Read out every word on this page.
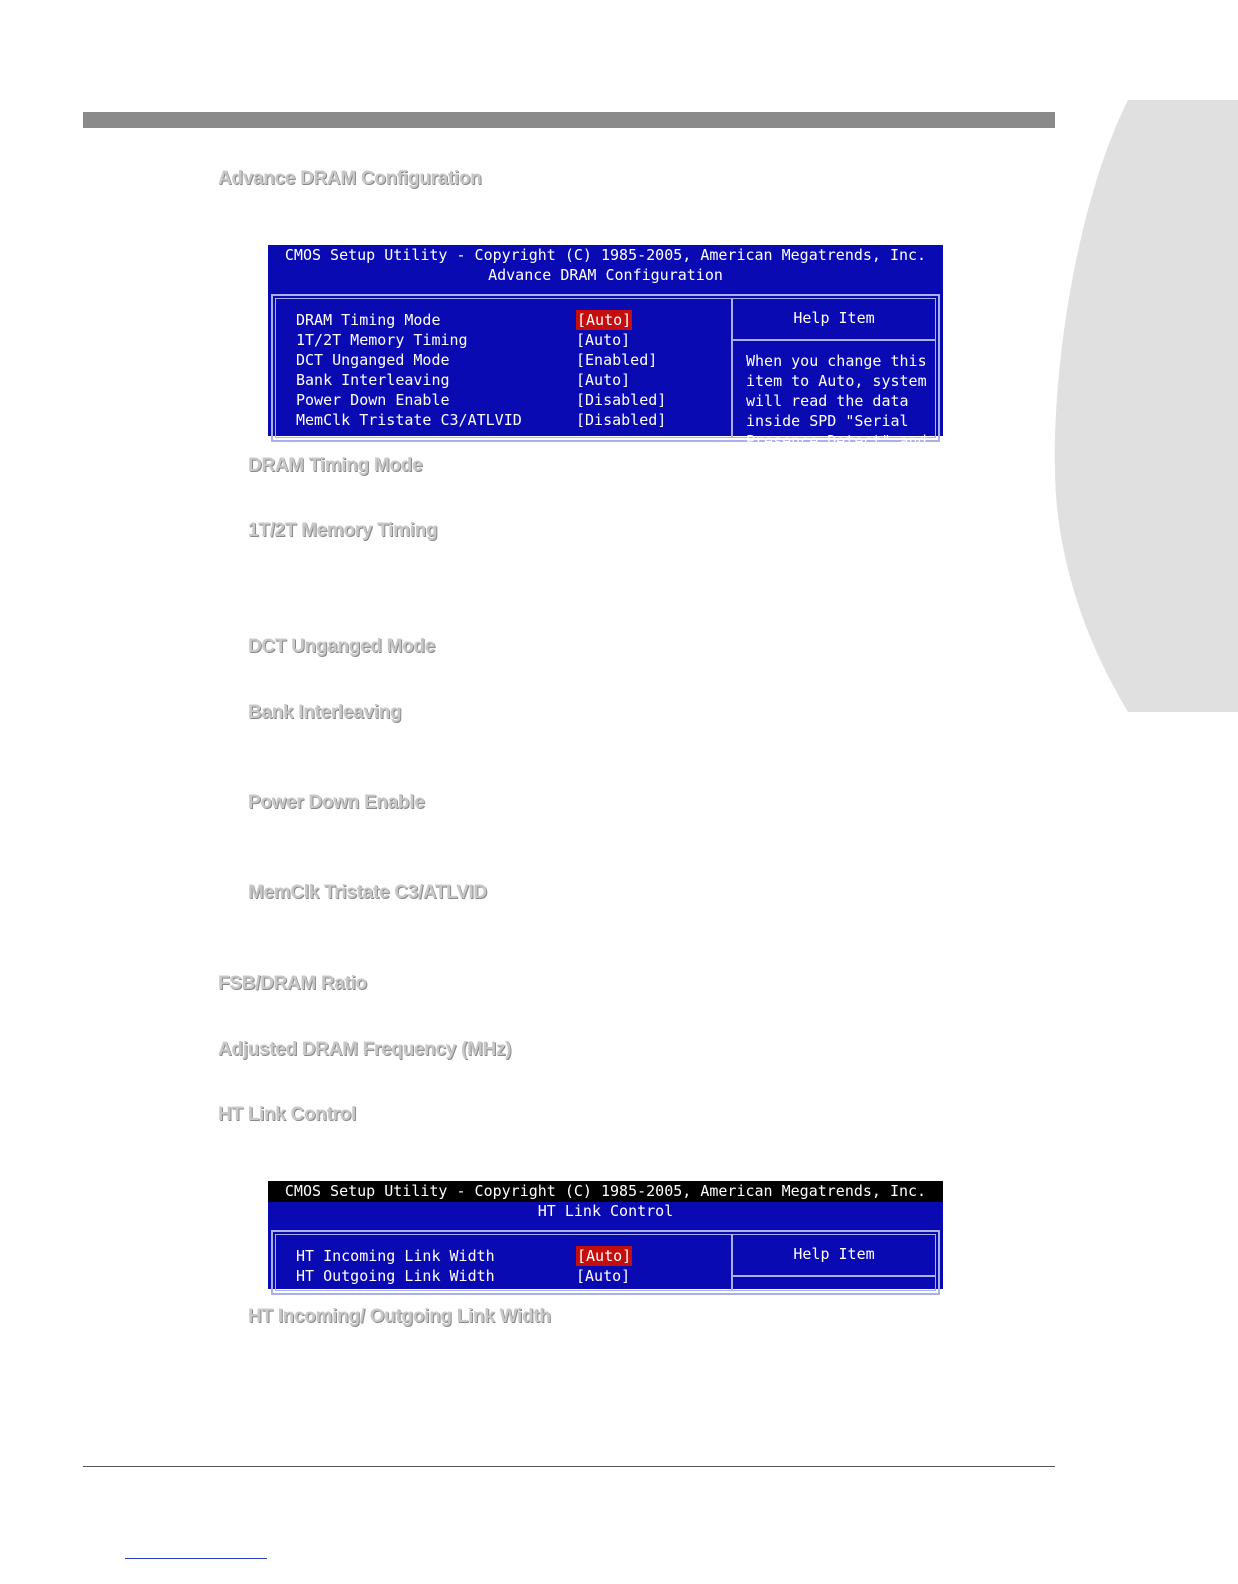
Advance DRAM Configuration
CMOS Setup Utility - Copyright (C) 1985-2005, American Megatrends, Inc.
Advance DRAM Configuration
Help Item
When you change this
item to Auto, system
will read the data
inside SPD "Serial
Presence Detect" and
DRAM Timing Mode	[Auto]
1T/2T Memory Timing	[Auto]
DCT Unganged Mode	[Enabled]
Bank Interleaving	[Auto]
Power Down Enable	[Disabled]
MemClk Tristate C3/ATLVID	[Disabled]
DRAM Timing Mode
1T/2T Memory Timing
DCT Unganged Mode
Bank Interleaving
Power Down Enable
MemClk Tristate C3/ATLVID
FSB/DRAM Ratio
Adjusted DRAM Frequency (MHz)
HT Link Control
CMOS Setup Utility - Copyright (C) 1985-2005, American Megatrends, Inc.
HT Link Control
Help Item
HT Incoming Link Width	[Auto]
HT Outgoing Link Width	[Auto]
HT Incoming/ Outgoing Link Width
